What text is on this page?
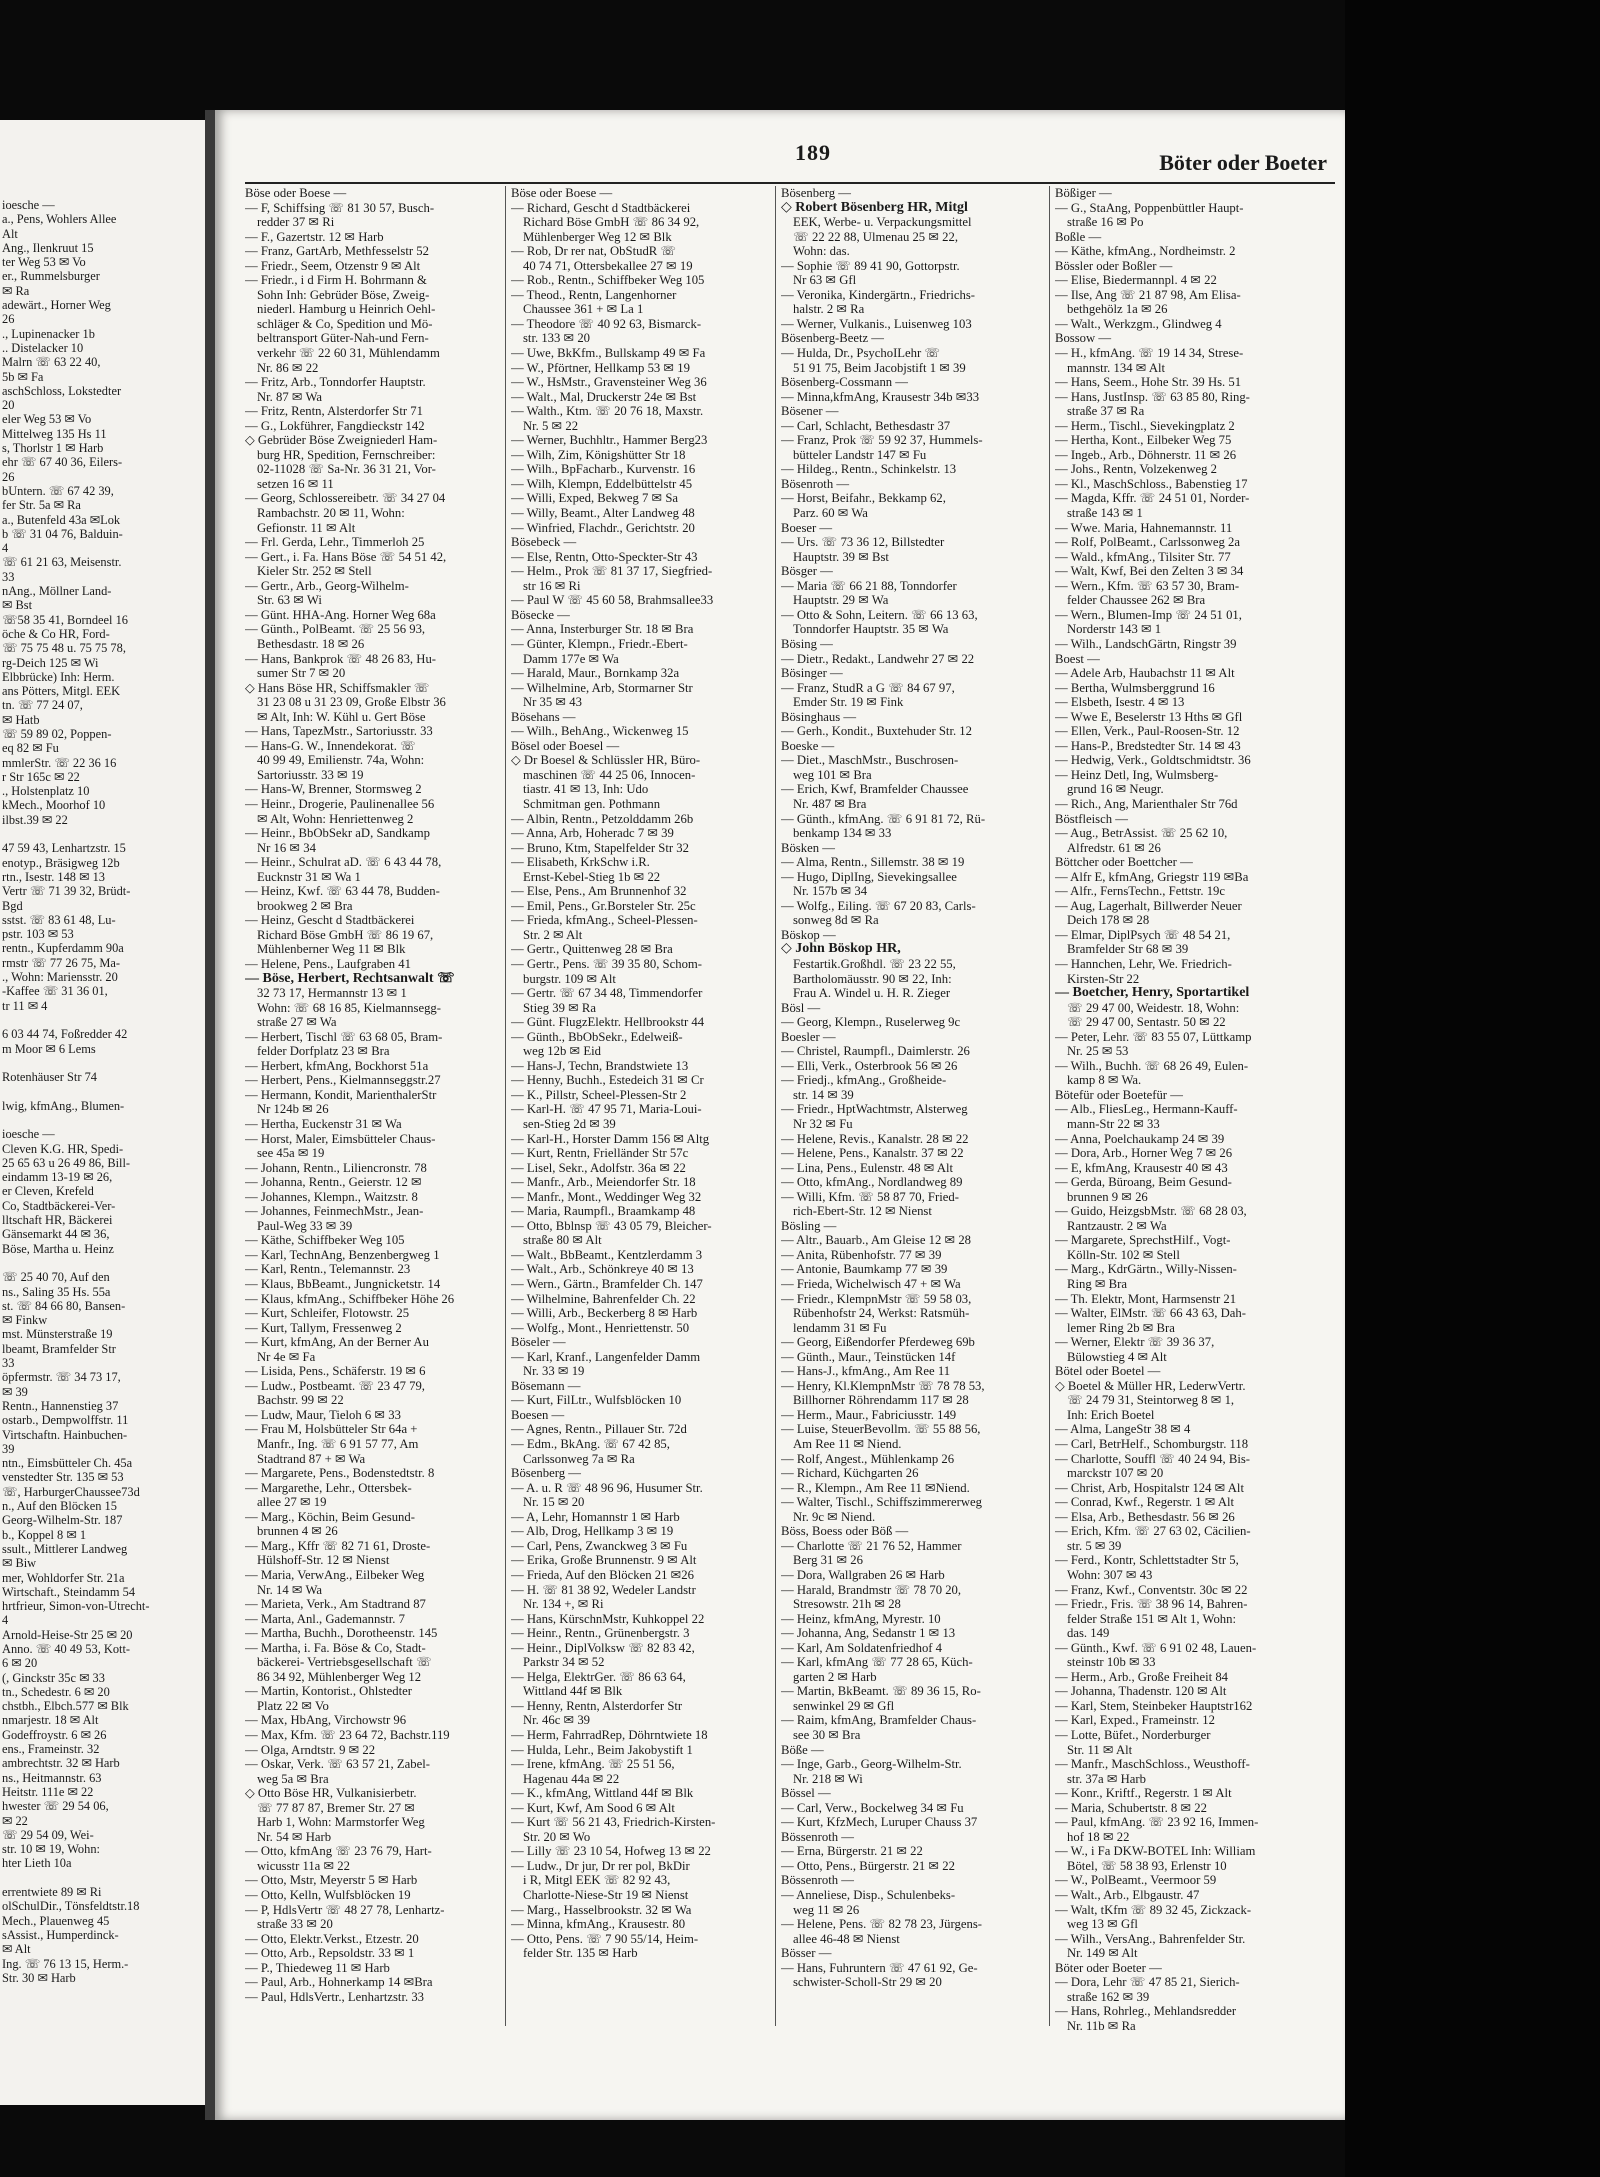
ioesche —
a., Pens, Wohlers Allee
Alt
Ang., Ilenkruut 15
ter Weg 53 ✉ Vo
er., Rummelsburger
✉ Ra
adewärt., Horner Weg
26
., Lupinenacker 1b
.. Distelacker 10
Malrn ☏ 63 22 40,
5b ✉ Fa
aschSchloss, Lokstedter
20
eler Weg 53 ✉ Vo
Mittelweg 135 Hs 11
s, Thorlstr 1 ✉ Harb
ehr ☏ 67 40 36, Eilers-
26
bUntern. ☏ 67 42 39,
fer Str. 5a ✉ Ra
a., Butenfeld 43a ✉Lok
b ☏ 31 04 76, Balduin-
4
☏ 61 21 63, Meisenstr.
33
nAng., Möllner Land-
✉ Bst
☏58 35 41, Borndeel 16
öche & Co HR, Ford-
☏ 75 75 48 u. 75 75 78,
rg-Deich 125 ✉ Wi
Elbbrücke) Inh: Herm.
ans Pötters, Mitgl. EEK
tn. ☏ 77 24 07,
✉ Hatb
☏ 59 89 02, Poppen-
eq 82 ✉ Fu
mmlerStr. ☏ 22 36 16
r Str 165c ✉ 22
., Holstenplatz 10
kMech., Moorhof 10
ilbst.39 ✉ 22

47 59 43, Lenhartzstr. 15
enotyp., Bräsigweg 12b
rtn., Isestr. 148 ✉ 13
Vertr ☏ 71 39 32, Brüdt-
Bgd
sstst. ☏ 83 61 48, Lu-
pstr. 103 ✉ 53
rentn., Kupferdamm 90a
rmstr ☏ 77 26 75, Ma-
., Wohn: Mariensstr. 20
-Kaffee ☏ 31 36 01,
tr 11 ✉ 4

6 03 44 74, Foßredder 42
m Moor ✉ 6 Lems

Rotenhäuser Str 74

lwig, kfmAng., Blumen-

ioesche —
Cleven K.G. HR, Spedi-
25 65 63 u 26 49 86, Bill-
eindamm 13-19 ✉ 26,
er Cleven, Krefeld
Co, Stadtbäckerei-Ver-
lltschaft HR, Bäckerei
Gänsemarkt 44 ✉ 36,
Böse, Martha u. Heinz

☏ 25 40 70, Auf den
ns., Saling 35 Hs. 55a
st. ☏ 84 66 80, Bansen-
✉ Finkw
mst. Münsterstraße 19
lbeamt, Bramfelder Str
33
öpfermstr. ☏ 34 73 17,
✉ 39
Rentn., Hannenstieg 37
ostarb., Dempwolffstr. 11
Virtschaftn. Hainbuchen-
39
ntn., Eimsbütteler Ch. 45a
venstedter Str. 135 ✉ 53
☏, HarburgerChaussee73d
n., Auf den Blöcken 15
Georg-Wilhelm-Str. 187
b., Koppel 8 ✉ 1
ssult., Mittlerer Landweg
✉ Biw
mer, Wohldorfer Str. 21a
Wirtschaft., Steindamm 54
hrtfrieur, Simon-von-Utrecht-
4
Arnold-Heise-Str 25 ✉ 20
Anno. ☏ 40 49 53, Kott-
6 ✉ 20
(, Ginckstr 35c ✉ 33
tn., Schedestr. 6 ✉ 20
chstbh., Elbch.577 ✉ Blk
nmarjestr. 18 ✉ Alt
Godeffroystr. 6 ✉ 26
ens., Frameinstr. 32
ambrechtstr. 32 ✉ Harb
ns., Heitmannstr. 63
Heitstr. 111e ✉ 22
hwester ☏ 29 54 06,
✉ 22
☏ 29 54 09, Wei-
str. 10 ✉ 19, Wohn:
hter Lieth 10a

errentwiete 89 ✉ Ri
olSchulDir., Tönsfeldtstr.18
Mech., Plauenweg 45
sAssist., Humperdinck-
✉ Alt
Ing. ☏ 76 13 15, Herm.-
Str. 30 ✉ Harb
189	Böter oder Boeter
Böse oder Boese —
— F, Schiffsing ☏ 81 30 57, Busch-
redder 37 ✉ Ri
— F., Gazertstr. 12 ✉ Harb
— Franz, GartArb, Methfesselstr 52
— Friedr., Seem, Otzenstr 9 ✉ Alt
— Friedr., i d Firm H. Bohrmann &
Sohn Inh: Gebrüder Böse, Zweig-
niederl. Hamburg u Heinrich Oehl-
schläger & Co, Spedition und Mö-
beltransport Güter-Nah-und Fern-
verkehr ☏ 22 60 31, Mühlendamm
Nr. 86 ✉ 22
— Fritz, Arb., Tonndorfer Hauptstr.
Nr. 87 ✉ Wa
— Fritz, Rentn, Alsterdorfer Str 71
— G., Lokführer, Fangdieckstr 142
◇ Gebrüder Böse Zweigniederl Ham-
burg HR, Spedition, Fernschreiber:
02-11028 ☏ Sa-Nr. 36 31 21, Vor-
setzen 16 ✉ 11
— Georg, Schlossereibetr. ☏ 34 27 04
Rambachstr. 20 ✉ 11, Wohn:
Gefionstr. 11 ✉ Alt
— Frl. Gerda, Lehr., Timmerloh 25
— Gert., i. Fa. Hans Böse ☏ 54 51 42,
Kieler Str. 252 ✉ Stell
— Gertr., Arb., Georg-Wilhelm-
Str. 63 ✉ Wi
— Günt. HHA-Ang. Horner Weg 68a
— Günth., PolBeamt. ☏ 25 56 93,
Bethesdastr. 18 ✉ 26
— Hans, Bankprok ☏ 48 26 83, Hu-
sumer Str 7 ✉ 20
◇ Hans Böse HR, Schiffsmakler ☏
31 23 08 u 31 23 09, Große Elbstr 36
✉ Alt, Inh: W. Kühl u. Gert Böse
— Hans, TapezMstr., Sartoriusstr. 33
— Hans-G. W., Innendekorat. ☏
40 99 49, Emilienstr. 74a, Wohn:
Sartoriusstr. 33 ✉ 19
— Hans-W, Brenner, Stormsweg 2
— Heinr., Drogerie, Paulinenallee 56
✉ Alt, Wohn: Henriettenweg 2
— Heinr., BbObSekr aD, Sandkamp
Nr 16 ✉ 34
— Heinr., Schulrat aD. ☏ 6 43 44 78,
Eucknstr 31 ✉ Wa 1
— Heinz, Kwf. ☏ 63 44 78, Budden-
brookweg 2 ✉ Bra
— Heinz, Gescht d Stadtbäckerei
Richard Böse GmbH ☏ 86 19 67,
Mühlenberner Weg 11 ✉ Blk
— Helene, Pens., Laufgraben 41
— Böse, Herbert, Rechtsanwalt ☏
32 73 17, Hermannstr 13 ✉ 1
Wohn: ☏ 68 16 85, Kielmannsegg-
straße 27 ✉ Wa
— Herbert, Tischl ☏ 63 68 05, Bram-
felder Dorfplatz 23 ✉ Bra
— Herbert, kfmAng, Bockhorst 51a
— Herbert, Pens., Kielmannseggstr.27
— Hermann, Kondit, MarienthalerStr
Nr 124b ✉ 26
— Hertha, Euckenstr 31 ✉ Wa
— Horst, Maler, Eimsbütteler Chaus-
see 45a ✉ 19
— Johann, Rentn., Liliencronstr. 78
— Johanna, Rentn., Geierstr. 12 ✉
— Johannes, Klempn., Waitzstr. 8
— Johannes, FeinmechMstr., Jean-
Paul-Weg 33 ✉ 39
— Käthe, Schiffbeker Weg 105
— Karl, TechnAng, Benzenbergweg 1
— Karl, Rentn., Telemannstr. 23
— Klaus, BbBeamt., Jungnicketstr. 14
— Klaus, kfmAng., Schiffbeker Höhe 26
— Kurt, Schleifer, Flotowstr. 25
— Kurt, Tallym, Fressenweg 2
— Kurt, kfmAng, An der Berner Au
Nr 4e ✉ Fa
— Lisida, Pens., Schäferstr. 19 ✉ 6
— Ludw., Postbeamt. ☏ 23 47 79,
Bachstr. 99 ✉ 22
— Ludw, Maur, Tieloh 6 ✉ 33
— Frau M, Holsbütteler Str 64a +
Manfr., Ing. ☏ 6 91 57 77, Am
Stadtrand 87 + ✉ Wa
— Margarete, Pens., Bodenstedtstr. 8
— Margarethe, Lehr., Ottersbek-
allee 27 ✉ 19
— Marg., Köchin, Beim Gesund-
brunnen 4 ✉ 26
— Marg., Kffr ☏ 82 71 61, Droste-
Hülshoff-Str. 12 ✉ Nienst
— Maria, VerwAng., Eilbeker Weg
Nr. 14 ✉ Wa
— Marieta, Verk., Am Stadtrand 87
— Marta, Anl., Gademannstr. 7
— Martha, Buchh., Dorotheenstr. 145
— Martha, i. Fa. Böse & Co, Stadt-
bäckerei- Vertriebsgesellschaft ☏
86 34 92, Mühlenberger Weg 12
— Martin, Kontorist., Ohlstedter
Platz 22 ✉ Vo
— Max, HbAng, Virchowstr 96
— Max, Kfm. ☏ 23 64 72, Bachstr.119
— Olga, Arndtstr. 9 ✉ 22
— Oskar, Verk. ☏ 63 57 21, Zabel-
weg 5a ✉ Bra
◇ Otto Böse HR, Vulkanisierbetr.
☏ 77 87 87, Bremer Str. 27 ✉
Harb 1, Wohn: Marmstorfer Weg
Nr. 54 ✉ Harb
— Otto, kfmAng ☏ 23 76 79, Hart-
wicusstr 11a ✉ 22
— Otto, Mstr, Meyerstr 5 ✉ Harb
— Otto, Kelln, Wulfsblöcken 19
— P, HdlsVertr ☏ 48 27 78, Lenhartz-
straße 33 ✉ 20
— Otto, Elektr.Verkst., Etzestr. 20
— Otto, Arb., Repsoldstr. 33 ✉ 1
— P., Thiedeweg 11 ✉ Harb
— Paul, Arb., Hohnerkamp 14 ✉Bra
— Paul, HdlsVertr., Lenhartzstr. 33
Böse oder Boese —
— Richard, Gescht d Stadtbäckerei
Richard Böse GmbH ☏ 86 34 92,
Mühlenberger Weg 12 ✉ Blk
— Rob, Dr rer nat, ObStudR ☏
40 74 71, Ottersbekallee 27 ✉ 19
— Rob., Rentn., Schiffbeker Weg 105
— Theod., Rentn, Langenhorner
Chaussee 361 + ✉ La 1
— Theodore ☏ 40 92 63, Bismarck-
str. 133 ✉ 20
— Uwe, BkKfm., Bullskamp 49 ✉ Fa
— W., Pförtner, Hellkamp 53 ✉ 19
— W., HsMstr., Gravensteiner Weg 36
— Walt., Mal, Druckerstr 24e ✉ Bst
— Walth., Ktm. ☏ 20 76 18, Maxstr.
Nr. 5 ✉ 22
— Werner, Buchhltr., Hammer Berg23
— Wilh, Zim, Königshütter Str 18
— Wilh., BpFacharb., Kurvenstr. 16
— Wilh, Klempn, Eddelbüttelstr 45
— Willi, Exped, Bekweg 7 ✉ Sa
— Willy, Beamt., Alter Landweg 48
— Winfried, Flachdr., Gerichtstr. 20
Bösebeck —
— Else, Rentn, Otto-Speckter-Str 43
— Helm., Prok ☏ 81 37 17, Siegfried-
str 16 ✉ Ri
— Paul W ☏ 45 60 58, Brahmsallee33
Bösecke —
— Anna, Insterburger Str. 18 ✉ Bra
— Günter, Klempn., Friedr.-Ebert-
Damm 177e ✉ Wa
— Harald, Maur., Bornkamp 32a
— Wilhelmine, Arb, Stormarner Str
Nr 35 ✉ 43
Bösehans —
— Wilh., BehAng., Wickenweg 15
Bösel oder Boesel —
◇ Dr Boesel & Schlüssler HR, Büro-
maschinen ☏ 44 25 06, Innocen-
tiastr. 41 ✉ 13, Inh: Udo
Schmitman gen. Pothmann
— Albin, Rentn., Petzolddamm 26b
— Anna, Arb, Hoheradc 7 ✉ 39
— Bruno, Ktm, Stapelfelder Str 32
— Elisabeth, KrkSchw i.R.
Ernst-Kebel-Stieg 1b ✉ 22
— Else, Pens., Am Brunnenhof 32
— Emil, Pens., Gr.Borsteler Str. 25c
— Frieda, kfmAng., Scheel-Plessen-
Str. 2 ✉ Alt
— Gertr., Quittenweg 28 ✉ Bra
— Gertr., Pens. ☏ 39 35 80, Schom-
burgstr. 109 ✉ Alt
— Gertr. ☏ 67 34 48, Timmendorfer
Stieg 39 ✉ Ra
— Günt. FlugzElektr. Hellbrookstr 44
— Günth., BbObSekr., Edelweiß-
weg 12b ✉ Eid
— Hans-J, Techn, Brandstwiete 13
— Henny, Buchh., Estedeich 31 ✉ Cr
— K., Pillstr, Scheel-Plessen-Str 2
— Karl-H. ☏ 47 95 71, Maria-Loui-
sen-Stieg 2d ✉ 39
— Karl-H., Horster Damm 156 ✉ Altg
— Kurt, Rentn, Frielländer Str 57c
— Lisel, Sekr., Adolfstr. 36a ✉ 22
— Manfr., Arb., Meiendorfer Str. 18
— Manfr., Mont., Weddinger Weg 32
— Maria, Raumpfl., Braamkamp 48
— Otto, Bblnsp ☏ 43 05 79, Bleicher-
straße 80 ✉ Alt
— Walt., BbBeamt., Kentzlerdamm 3
— Walt., Arb., Schönkreye 40 ✉ 13
— Wern., Gärtn., Bramfelder Ch. 147
— Wilhelmine, Bahrenfelder Ch. 22
— Willi, Arb., Beckerberg 8 ✉ Harb
— Wolfg., Mont., Henriettenstr. 50
Böseler —
— Karl, Kranf., Langenfelder Damm
Nr. 33 ✉ 19
Bösemann —
— Kurt, FilLtr., Wulfsblöcken 10
Boesen —
— Agnes, Rentn., Pillauer Str. 72d
— Edm., BkAng. ☏ 67 42 85,
Carlssonweg 7a ✉ Ra
Bösenberg —
— A. u. R ☏ 48 96 96, Husumer Str.
Nr. 15 ✉ 20
— A, Lehr, Homannstr 1 ✉ Harb
— Alb, Drog, Hellkamp 3 ✉ 19
— Carl, Pens, Zwanckweg 3 ✉ Fu
— Erika, Große Brunnenstr. 9 ✉ Alt
— Frieda, Auf den Blöcken 21 ✉26
— H. ☏ 81 38 92, Wedeler Landstr
Nr. 134 +, ✉ Ri
— Hans, KürschnMstr, Kuhkoppel 22
— Heinr., Rentn., Grünenbergstr. 3
— Heinr., DiplVolksw ☏ 82 83 42,
Parkstr 34 ✉ 52
— Helga, ElektrGer. ☏ 86 63 64,
Wittland 44f ✉ Blk
— Henny, Rentn, Alsterdorfer Str
Nr. 46c ✉ 39
— Herm, FahrradRep, Döhrntwiete 18
— Hulda, Lehr., Beim Jakobystift 1
— Irene, kfmAng. ☏ 25 51 56,
Hagenau 44a ✉ 22
— K., kfmAng, Wittland 44f ✉ Blk
— Kurt, Kwf, Am Sood 6 ✉ Alt
— Kurt ☏ 56 21 43, Friedrich-Kirsten-
Str. 20 ✉ Wo
— Lilly ☏ 23 10 54, Hofweg 13 ✉ 22
— Ludw., Dr jur, Dr rer pol, BkDir
i R, Mitgl EEK ☏ 82 92 43,
Charlotte-Niese-Str 19 ✉ Nienst
— Marg., Hasselbrookstr. 32 ✉ Wa
— Minna, kfmAng., Krausestr. 80
— Otto, Pens. ☏ 7 90 55/14, Heim-
felder Str. 135 ✉ Harb
Bösenberg —
◇ Robert Bösenberg HR, Mitgl
EEK, Werbe- u. Verpackungsmittel
☏ 22 22 88, Ulmenau 25 ✉ 22,
Wohn: das.
— Sophie ☏ 89 41 90, Gottorpstr.
Nr 63 ✉ Gfl
— Veronika, Kindergärtn., Friedrichs-
halstr. 2 ✉ Ra
— Werner, Vulkanis., Luisenweg 103
Bösenberg-Beetz —
— Hulda, Dr., PsychoILehr ☏
51 91 75, Beim Jacobjstift 1 ✉ 39
Bösenberg-Cossmann —
— Minna,kfmAng, Krausestr 34b ✉33
Bösener —
— Carl, Schlacht, Bethesdastr 37
— Franz, Prok ☏ 59 92 37, Hummels-
bütteler Landstr 147 ✉ Fu
— Hildeg., Rentn., Schinkelstr. 13
Bösenroth —
— Horst, Beifahr., Bekkamp 62,
Parz. 60 ✉ Wa
Boeser —
— Urs. ☏ 73 36 12, Billstedter
Hauptstr. 39 ✉ Bst
Bösger —
— Maria ☏ 66 21 88, Tonndorfer
Hauptstr. 29 ✉ Wa
— Otto & Sohn, Leitern. ☏ 66 13 63,
Tonndorfer Hauptstr. 35 ✉ Wa
Bösing —
— Dietr., Redakt., Landwehr 27 ✉ 22
Bösinger —
— Franz, StudR a G ☏ 84 67 97,
Emder Str. 19 ✉ Fink
Bösinghaus —
— Gerh., Kondit., Buxtehuder Str. 12
Boeske —
— Diet., MaschMstr., Buschrosen-
weg 101 ✉ Bra
— Erich, Kwf, Bramfelder Chaussee
Nr. 487 ✉ Bra
— Günth., kfmAng. ☏ 6 91 81 72, Rü-
benkamp 134 ✉ 33
Bösken —
— Alma, Rentn., Sillemstr. 38 ✉ 19
— Hugo, DiplIng, Sievekingsallee
Nr. 157b ✉ 34
— Wolfg., Eiling. ☏ 67 20 83, Carls-
sonweg 8d ✉ Ra
Böskop —
◇ John Böskop HR,
Festartik.Großhdl. ☏ 23 22 55,
Bartholomäusstr. 90 ✉ 22, Inh:
Frau A. Windel u. H. R. Zieger
Bösl —
— Georg, Klempn., Ruselerweg 9c
Boesler —
— Christel, Raumpfl., Daimlerstr. 26
— Elli, Verk., Osterbrook 56 ✉ 26
— Friedj., kfmAng., Großheide-
str. 14 ✉ 39
— Friedr., HptWachtmstr, Alsterweg
Nr 32 ✉ Fu
— Helene, Revis., Kanalstr. 28 ✉ 22
— Helene, Pens., Kanalstr. 37 ✉ 22
— Lina, Pens., Eulenstr. 48 ✉ Alt
— Otto, kfmAng., Nordlandweg 89
— Willi, Kfm. ☏ 58 87 70, Fried-
rich-Ebert-Str. 12 ✉ Nienst
Bösling —
— Altr., Bauarb., Am Gleise 12 ✉ 28
— Anita, Rübenhofstr. 77 ✉ 39
— Antonie, Baumkamp 77 ✉ 39
— Frieda, Wichelwisch 47 + ✉ Wa
— Friedr., KlempnMstr ☏ 59 58 03,
Rübenhofstr 24, Werkst: Ratsmüh-
lendamm 31 ✉ Fu
— Georg, Eißendorfer Pferdeweg 69b
— Günth., Maur., Teinstücken 14f
— Hans-J., kfmAng., Am Ree 11
— Henry, Kl.KlempnMstr ☏ 78 78 53,
Billhorner Röhrendamm 117 ✉ 28
— Herm., Maur., Fabriciusstr. 149
— Luise, SteuerBevollm. ☏ 55 88 56,
Am Ree 11 ✉ Niend.
— Rolf, Angest., Mühlenkamp 26
— Richard, Küchgarten 26
— R., Klempn., Am Ree 11 ✉Niend.
— Walter, Tischl., Schiffszimmererweg
Nr. 9c ✉ Niend.
Böss, Boess oder Böß —
— Charlotte ☏ 21 76 52, Hammer
Berg 31 ✉ 26
— Dora, Wallgraben 26 ✉ Harb
— Harald, Brandmstr ☏ 78 70 20,
Stresowstr. 21h ✉ 28
— Heinz, kfmAng, Myrestr. 10
— Johanna, Ang, Sedanstr 1 ✉ 13
— Karl, Am Soldatenfriedhof 4
— Karl, kfmAng ☏ 77 28 65, Küch-
garten 2 ✉ Harb
— Martin, BkBeamt. ☏ 89 36 15, Ro-
senwinkel 29 ✉ Gfl
— Raim, kfmAng, Bramfelder Chaus-
see 30 ✉ Bra
Böße —
— Inge, Garb., Georg-Wilhelm-Str.
Nr. 218 ✉ Wi
Bössel —
— Carl, Verw., Bockelweg 34 ✉ Fu
— Kurt, KfzMech, Luruper Chauss 37
Bössenroth —
— Erna, Bürgerstr. 21 ✉ 22
— Otto, Pens., Bürgerstr. 21 ✉ 22
Bössenroth —
— Anneliese, Disp., Schulenbeks-
weg 11 ✉ 26
— Helene, Pens. ☏ 82 78 23, Jürgens-
allee 46-48 ✉ Nienst
Bösser —
— Hans, Fuhruntern ☏ 47 61 92, Ge-
schwister-Scholl-Str 29 ✉ 20
Bößiger —
— G., StaAng, Poppenbüttler Haupt-
straße 16 ✉ Po
Boßle —
— Käthe, kfmAng., Nordheimstr. 2
Bössler oder Boßler —
— Elise, Biedermannpl. 4 ✉ 22
— Ilse, Ang ☏ 21 87 98, Am Elisa-
bethgehölz 1a ✉ 26
— Walt., Werkzgm., Glindweg 4
Bossow —
— H., kfmAng. ☏ 19 14 34, Strese-
mannstr. 134 ✉ Alt
— Hans, Seem., Hohe Str. 39 Hs. 51
— Hans, JustInsp. ☏ 63 85 80, Ring-
straße 37 ✉ Ra
— Herm., Tischl., Sievekingplatz 2
— Hertha, Kont., Eilbeker Weg 75
— Ingeb., Arb., Döhnerstr. 11 ✉ 26
— Johs., Rentn, Volzekenweg 2
— Kl., MaschSchloss., Babenstieg 17
— Magda, Kffr. ☏ 24 51 01, Norder-
straße 143 ✉ 1
— Wwe. Maria, Hahnemannstr. 11
— Rolf, PolBeamt., Carlssonweg 2a
— Wald., kfmAng., Tilsiter Str. 77
— Walt, Kwf, Bei den Zelten 3 ✉ 34
— Wern., Kfm. ☏ 63 57 30, Bram-
felder Chaussee 262 ✉ Bra
— Wern., Blumen-Imp ☏ 24 51 01,
Norderstr 143 ✉ 1
— Wilh., LandschGärtn, Ringstr 39
Boest —
— Adele Arb, Haubachstr 11 ✉ Alt
— Bertha, Wulmsberggrund 16
— Elsbeth, Isestr. 4 ✉ 13
— Wwe E, Beselerstr 13 Hths ✉ Gfl
— Ellen, Verk., Paul-Roosen-Str. 12
— Hans-P., Bredstedter Str. 14 ✉ 43
— Hedwig, Verk., Goldtschmidtstr. 36
— Heinz Detl, Ing, Wulmsberg-
grund 16 ✉ Neugr.
— Rich., Ang, Marienthaler Str 76d
Böstfleisch —
— Aug., BetrAssist. ☏ 25 62 10,
Alfredstr. 61 ✉ 26
Böttcher oder Boettcher —
— Alfr E, kfmAng, Griegstr 119 ✉Ba
— Alfr., FernsTechn., Fettstr. 19c
— Aug, Lagerhalt, Billwerder Neuer
Deich 178 ✉ 28
— Elmar, DiplPsych ☏ 48 54 21,
Bramfelder Str 68 ✉ 39
— Hannchen, Lehr, We. Friedrich-
Kirsten-Str 22
— Boetcher, Henry, Sportartikel
☏ 29 47 00, Weidestr. 18, Wohn:
☏ 29 47 00, Sentastr. 50 ✉ 22
— Peter, Lehr. ☏ 83 55 07, Lüttkamp
Nr. 25 ✉ 53
— Wilh., Buchh. ☏ 68 26 49, Eulen-
kamp 8 ✉ Wa.
Bötefür oder Boetefür —
— Alb., FliesLeg., Hermann-Kauff-
mann-Str 22 ✉ 33
— Anna, Poelchaukamp 24 ✉ 39
— Dora, Arb., Horner Weg 7 ✉ 26
— E, kfmAng, Krausestr 40 ✉ 43
— Gerda, Büroang, Beim Gesund-
brunnen 9 ✉ 26
— Guido, HeizgsbMstr. ☏ 68 28 03,
Rantzaustr. 2 ✉ Wa
— Margarete, SprechstHilf., Vogt-
Kölln-Str. 102 ✉ Stell
— Marg., KdrGärtn., Willy-Nissen-
Ring ✉ Bra
— Th. Elektr, Mont, Harmsenstr 21
— Walter, ElMstr. ☏ 66 43 63, Dah-
lemer Ring 2b ✉ Bra
— Werner, Elektr ☏ 39 36 37,
Bülowstieg 4 ✉ Alt
Bötel oder Boetel —
◇ Boetel & Müller HR, LederwVertr.
☏ 24 79 31, Steintorweg 8 ✉ 1,
Inh: Erich Boetel
— Alma, LangeStr 38 ✉ 4
— Carl, BetrHelf., Schomburgstr. 118
— Charlotte, Souffl ☏ 40 24 94, Bis-
marckstr 107 ✉ 20
— Christ, Arb, Hospitalstr 124 ✉ Alt
— Conrad, Kwf., Regerstr. 1 ✉ Alt
— Elsa, Arb., Bethesdastr. 56 ✉ 26
— Erich, Kfm. ☏ 27 63 02, Cäcilien-
str. 5 ✉ 39
— Ferd., Kontr, Schlettstadter Str 5,
Wohn: 307 ✉ 43
— Franz, Kwf., Conventstr. 30c ✉ 22
— Friedr., Fris. ☏ 38 96 14, Bahren-
felder Straße 151 ✉ Alt 1, Wohn:
das. 149
— Günth., Kwf. ☏ 6 91 02 48, Lauen-
steinstr 10b ✉ 33
— Herm., Arb., Große Freiheit 84
— Johanna, Thadenstr. 120 ✉ Alt
— Karl, Stem, Steinbeker Hauptstr162
— Karl, Exped., Frameinstr. 12
— Lotte, Büfet., Norderburger
Str. 11 ✉ Alt
— Manfr., MaschSchloss., Weusthoff-
str. 37a ✉ Harb
— Konr., Kriftf., Regerstr. 1 ✉ Alt
— Maria, Schubertstr. 8 ✉ 22
— Paul, kfmAng. ☏ 23 92 16, Immen-
hof 18 ✉ 22
— W., i Fa DKW-BOTEL Inh: William
Bötel, ☏ 58 38 93, Erlenstr 10
— W., PolBeamt., Veermoor 59
— Walt., Arb., Elbgaustr. 47
— Walt, tKfm ☏ 89 32 45, Zickzack-
weg 13 ✉ Gfl
— Wilh., VersAng., Bahrenfelder Str.
Nr. 149 ✉ Alt
Böter oder Boeter —
— Dora, Lehr ☏ 47 85 21, Sierich-
straße 162 ✉ 39
— Hans, Rohrleg., Mehlandsredder
Nr. 11b ✉ Ra
